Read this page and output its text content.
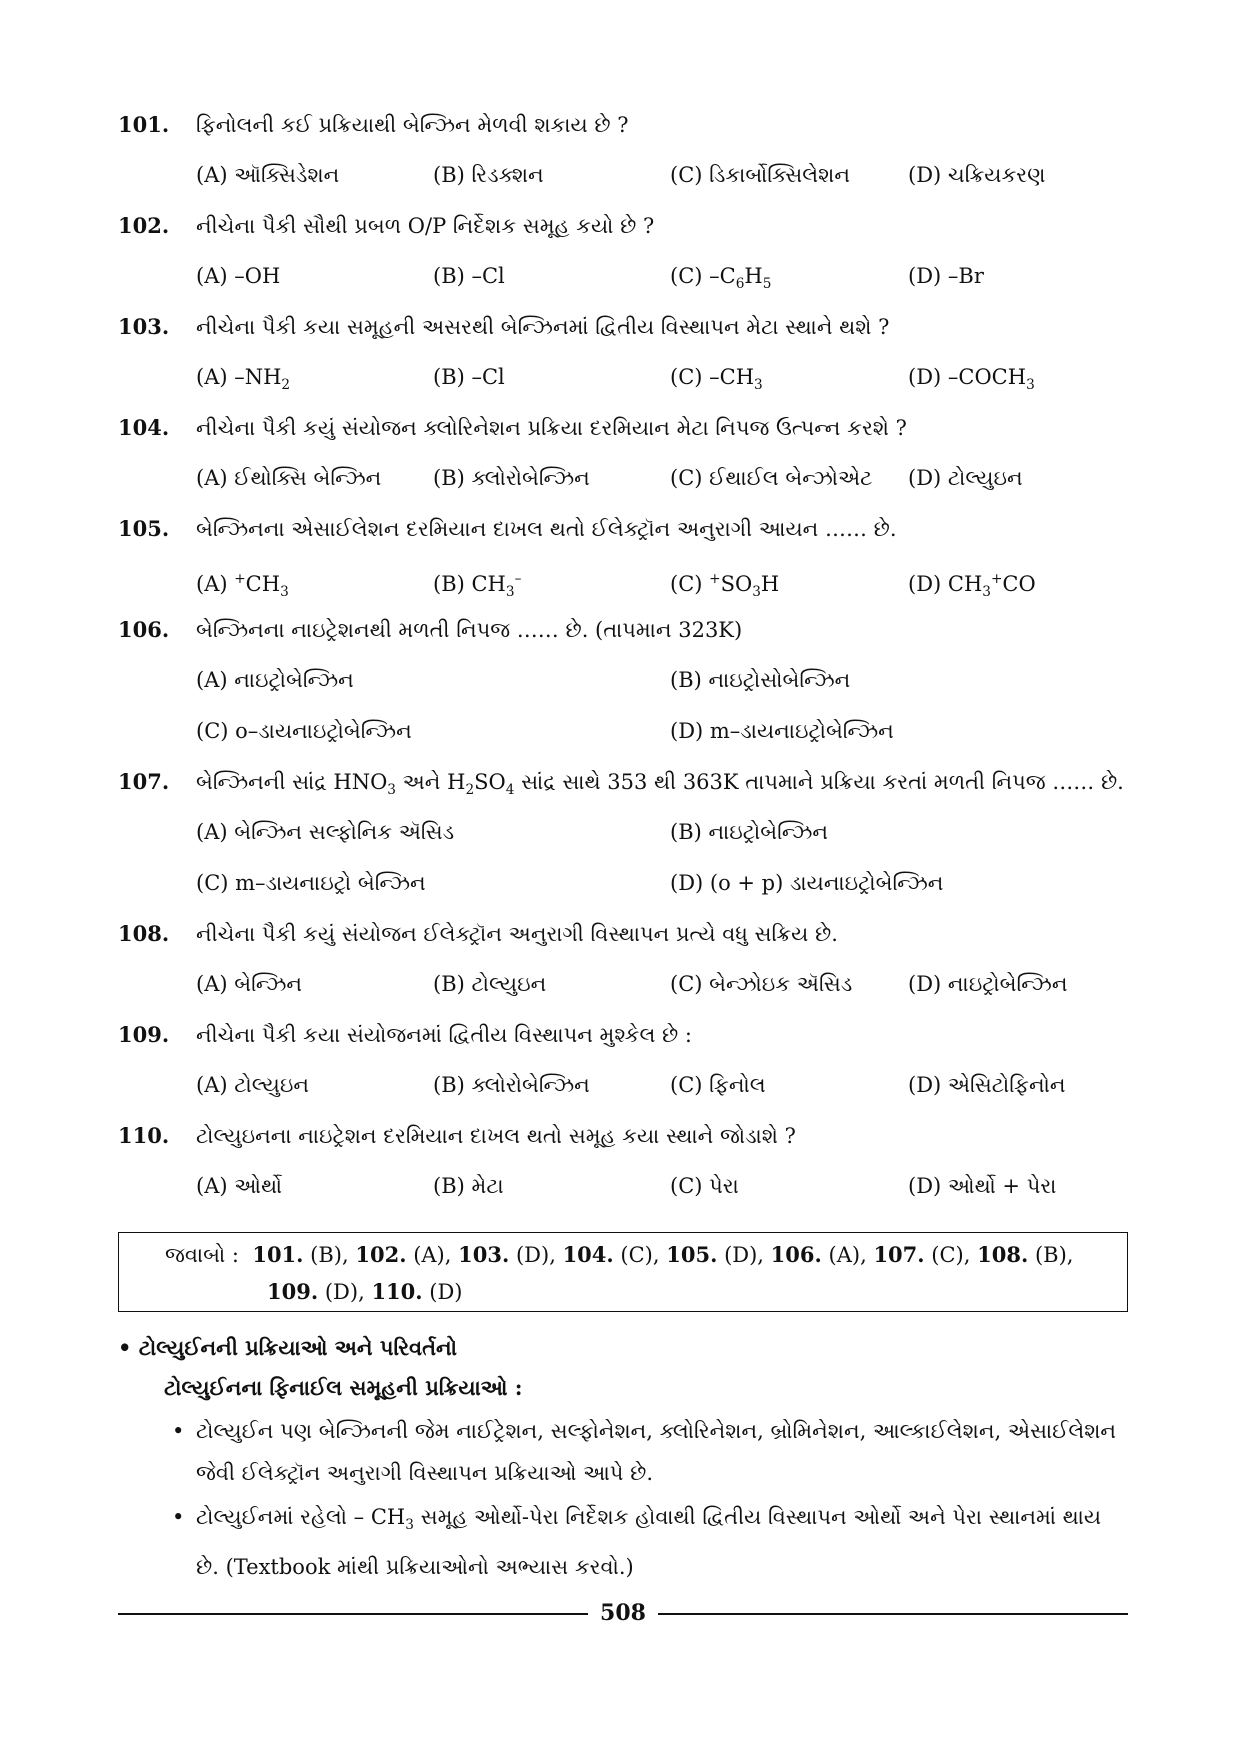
101. ફિનોલની કઈ પ્રક્રિયાથી બેન્ઝિન મેળવી શકાય છે ?
(A) ઑક્સિડેશન	(B) રિડક્શન	(C) ડિકાર્બોક્સિલેશન	(D) ચક્રિયકરણ
102. નીચેના પૈકી સૌથી પ્રબળ O/P નિર્દેશક સમૂહ કયો છે ?
(A) –OH	(B) –Cl	(C) $-C_6H_5$	(D) –Br
103. નીચેના પૈકી કયા સમૂહની અસરથી બેન્ઝિનમાં દ્વિતીય વિસ્થાપન મેટા સ્થાને થશે ?
(A) $-NH_2$	(B) –Cl	(C) $-CH_3$	(D) $-COCH_3$
104. નીચેના પૈકી કયું સંયોજન ક્લોરિનેશન પ્રક્રિયા દરમિયાન મેટા નિપજ ઉત્પન્ન કરશે ?
(A) ઈથોક્સિ બેન્ઝિન (B) ક્લોરોબેન્ઝિન	(C) ઈથાઈલ બેન્ઝોએટ (D) ટોલ્યુઇન
105. બેન્ઝિનના એસાઈલેશન દરમિયાન દાખલ થતો ઈલેક્ટ્રૉન અનુરાગી આયન …… છે.
(A) $^+CH_3$	(B) $CH_3^-$	(C) $^+SO_3H$	(D) $CH_3^+CO$
106. બેન્ઝિનના નાઇટ્રેશનથી મળતી નિપજ …… છે. (તાપમાન 323K)
(A) નાઇટ્રોબેન્ઝિન	(B) નાઇટ્રોસોબેન્ઝિન
(C) o–ડાયનાઇટ્રોબેન્ઝિન	(D) m–ડાયનાઇટ્રોબેન્ઝિન
107. બેન્ઝિનની સાંદ્ર $HNO_3$ અને $H_2SO_4$ સાંદ્ર સાથે 353 થી 363K તાપમાને પ્રક્રિયા કરતાં મળતી નિપજ …… છે.
(A) બેન્ઝિન સલ્ફોનિક ઍસિડ	(B) નાઇટ્રોબેન્ઝિન
(C) m–ડાયનાઇટ્રો બેન્ઝિન	(D) (o + p) ડાયનાઇટ્રોબેન્ઝિન
108. નીચેના પૈકી કયું સંયોજન ઈલેક્ટ્રૉન અનુરાગી વિસ્થાપન પ્રત્યે વધુ સક્રિય છે.
(A) બેન્ઝિન	(B) ટોલ્યુઇન	(C) બેન્ઝોઇક ઍસિડ	(D) નાઇટ્રોબેન્ઝિન
109. નીચેના પૈકી કયા સંયોજનમાં દ્વિતીય વિસ્થાપન મુશ્કેલ છે :
(A) ટોલ્યુઇન	(B) ક્લોરોબેન્ઝિન	(C) ફિનોલ	(D) એસિટોફિનોન
110. ટોલ્યુઇનના નાઇટ્રેશન દરમિયાન દાખલ થતો સમૂહ કયા સ્થાને જોડાશે ?
(A) ઓર્થો	(B) મેટા	(C) પેરા	(D) ઓર્થો + પેરા
જવાબો : 101. (B), 102. (A), 103. (D), 104. (C), 105. (D), 106. (A), 107. (C), 108. (B),
109. (D), 110. (D)
• ટોલ્યુઈનની પ્રક્રિયાઓ અને પરિવર્તનો
ટોલ્યુઈનના ફિનાઈલ સમૂહની પ્રક્રિયાઓ :
• ટોલ્યુઈન પણ બેન્ઝિનની જેમ નાઈટ્રેશન, સલ્ફોનેશન, ક્લોરિનેશન, બ્રોમિનેશન, આલ્કાઈલેશન, એસાઈલેશન જેવી ઈલેક્ટ્રૉન અનુરાગી વિસ્થાપન પ્રક્રિયાઓ આપે છે.
• ટોલ્યુઈનમાં રહેલો – $CH_3$ સમૂહ ઓર્થો-પેરા નિર્દેશક હોવાથી દ્વિતીય વિસ્થાપન ઓર્થો અને પેરા સ્થાનમાં થાય છે. (Textbook માંથી પ્રક્રિયાઓનો અભ્યાસ કરવો.)
508
